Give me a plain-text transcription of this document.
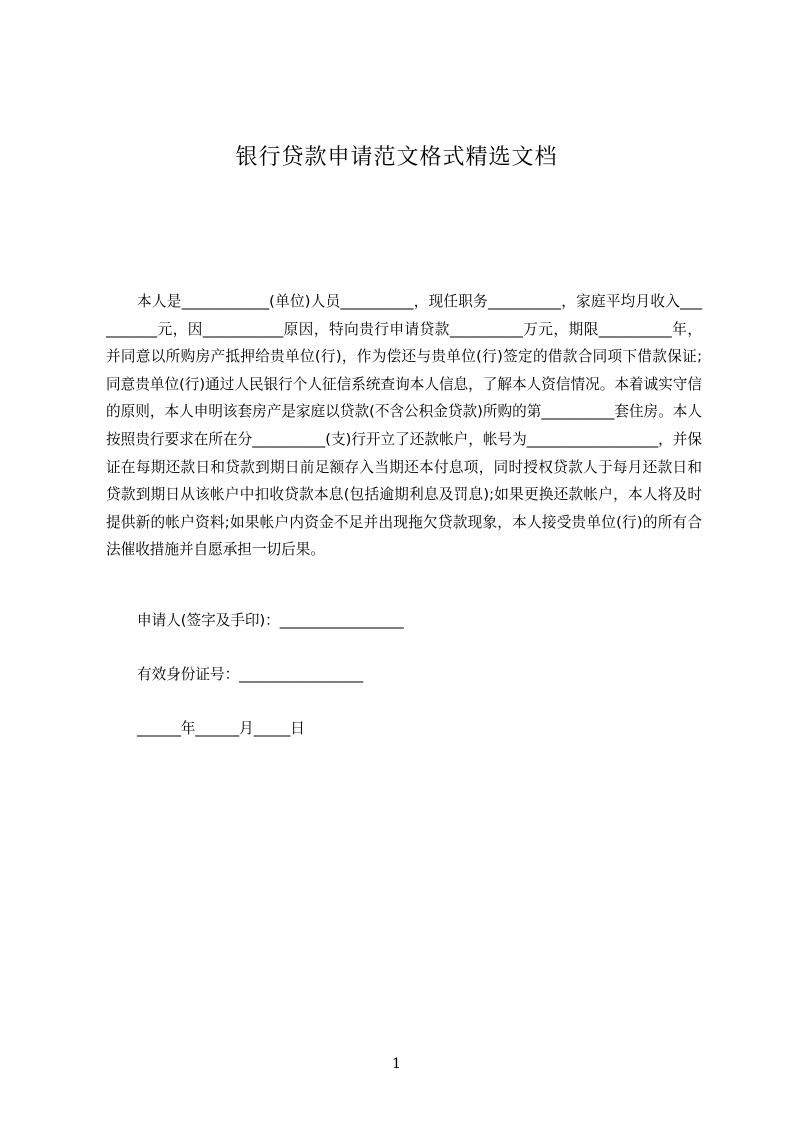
银行贷款申请范文格式精选文档
本人是____________(单位)人员__________，现任职务__________，家庭平均月收入__________元，因___________原因，特向贵行申请贷款__________万元，期限__________年，并同意以所购房产抵押给贵单位(行)，作为偿还与贵单位(行)签定的借款合同项下借款保证;同意贵单位(行)通过人民银行个人征信系统查询本人信息，了解本人资信情况。本着诚实守信的原则，本人申明该套房产是家庭以贷款(不含公积金贷款)所购的第__________套住房。本人按照贵行要求在所在分__________(支)行开立了还款帐户，帐号为__________________，并保证在每期还款日和贷款到期日前足额存入当期还本付息项，同时授权贷款人于每月还款日和贷款到期日从该帐户中扣收贷款本息(包括逾期利息及罚息);如果更换还款帐户，本人将及时提供新的帐户资料;如果帐户内资金不足并出现拖欠贷款现象，本人接受贵单位(行)的所有合法催收措施并自愿承担一切后果。
申请人(签字及手印)：_________________
有效身份证号：_________________
______年______月_____日
1
